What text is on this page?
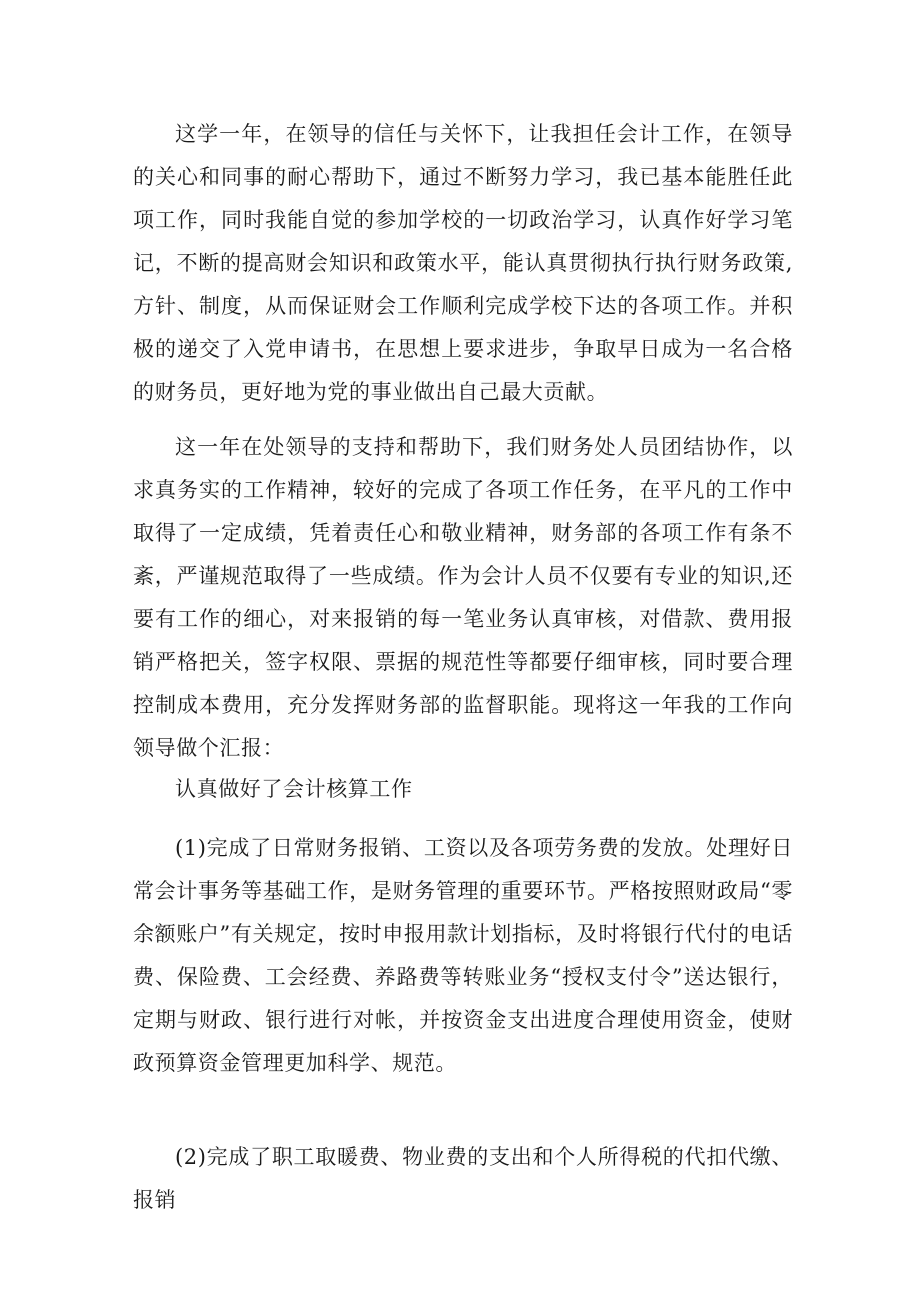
这学一年，在领导的信任与关怀下，让我担任会计工作，在领导的关心和同事的耐心帮助下，通过不断努力学习，我已基本能胜任此项工作，同时我能自觉的参加学校的一切政治学习，认真作好学习笔记，不断的提高财会知识和政策水平，能认真贯彻执行执行财务政策,方针、制度，从而保证财会工作顺利完成学校下达的各项工作。并积极的递交了入党申请书，在思想上要求进步，争取早日成为一名合格的财务员，更好地为党的事业做出自己最大贡献。

这一年在处领导的支持和帮助下，我们财务处人员团结协作，以求真务实的工作精神，较好的完成了各项工作任务，在平凡的工作中取得了一定成绩，凭着责任心和敬业精神，财务部的各项工作有条不紊，严谨规范取得了一些成绩。作为会计人员不仅要有专业的知识,还要有工作的细心，对来报销的每一笔业务认真审核，对借款、费用报销严格把关，签字权限、票据的规范性等都要仔细审核，同时要合理控制成本费用，充分发挥财务部的监督职能。现将这一年我的工作向领导做个汇报：

认真做好了会计核算工作

(1)完成了日常财务报销、工资以及各项劳务费的发放。处理好日常会计事务等基础工作，是财务管理的重要环节。严格按照财政局“零余额账户”有关规定，按时申报用款计划指标，及时将银行代付的电话费、保险费、工会经费、养路费等转账业务“授权支付令”送达银行，定期与财政、银行进行对帐，并按资金支出进度合理使用资金，使财政预算资金管理更加科学、规范。

(2)完成了职工取暖费、物业费的支出和个人所得税的代扣代缴、报销
